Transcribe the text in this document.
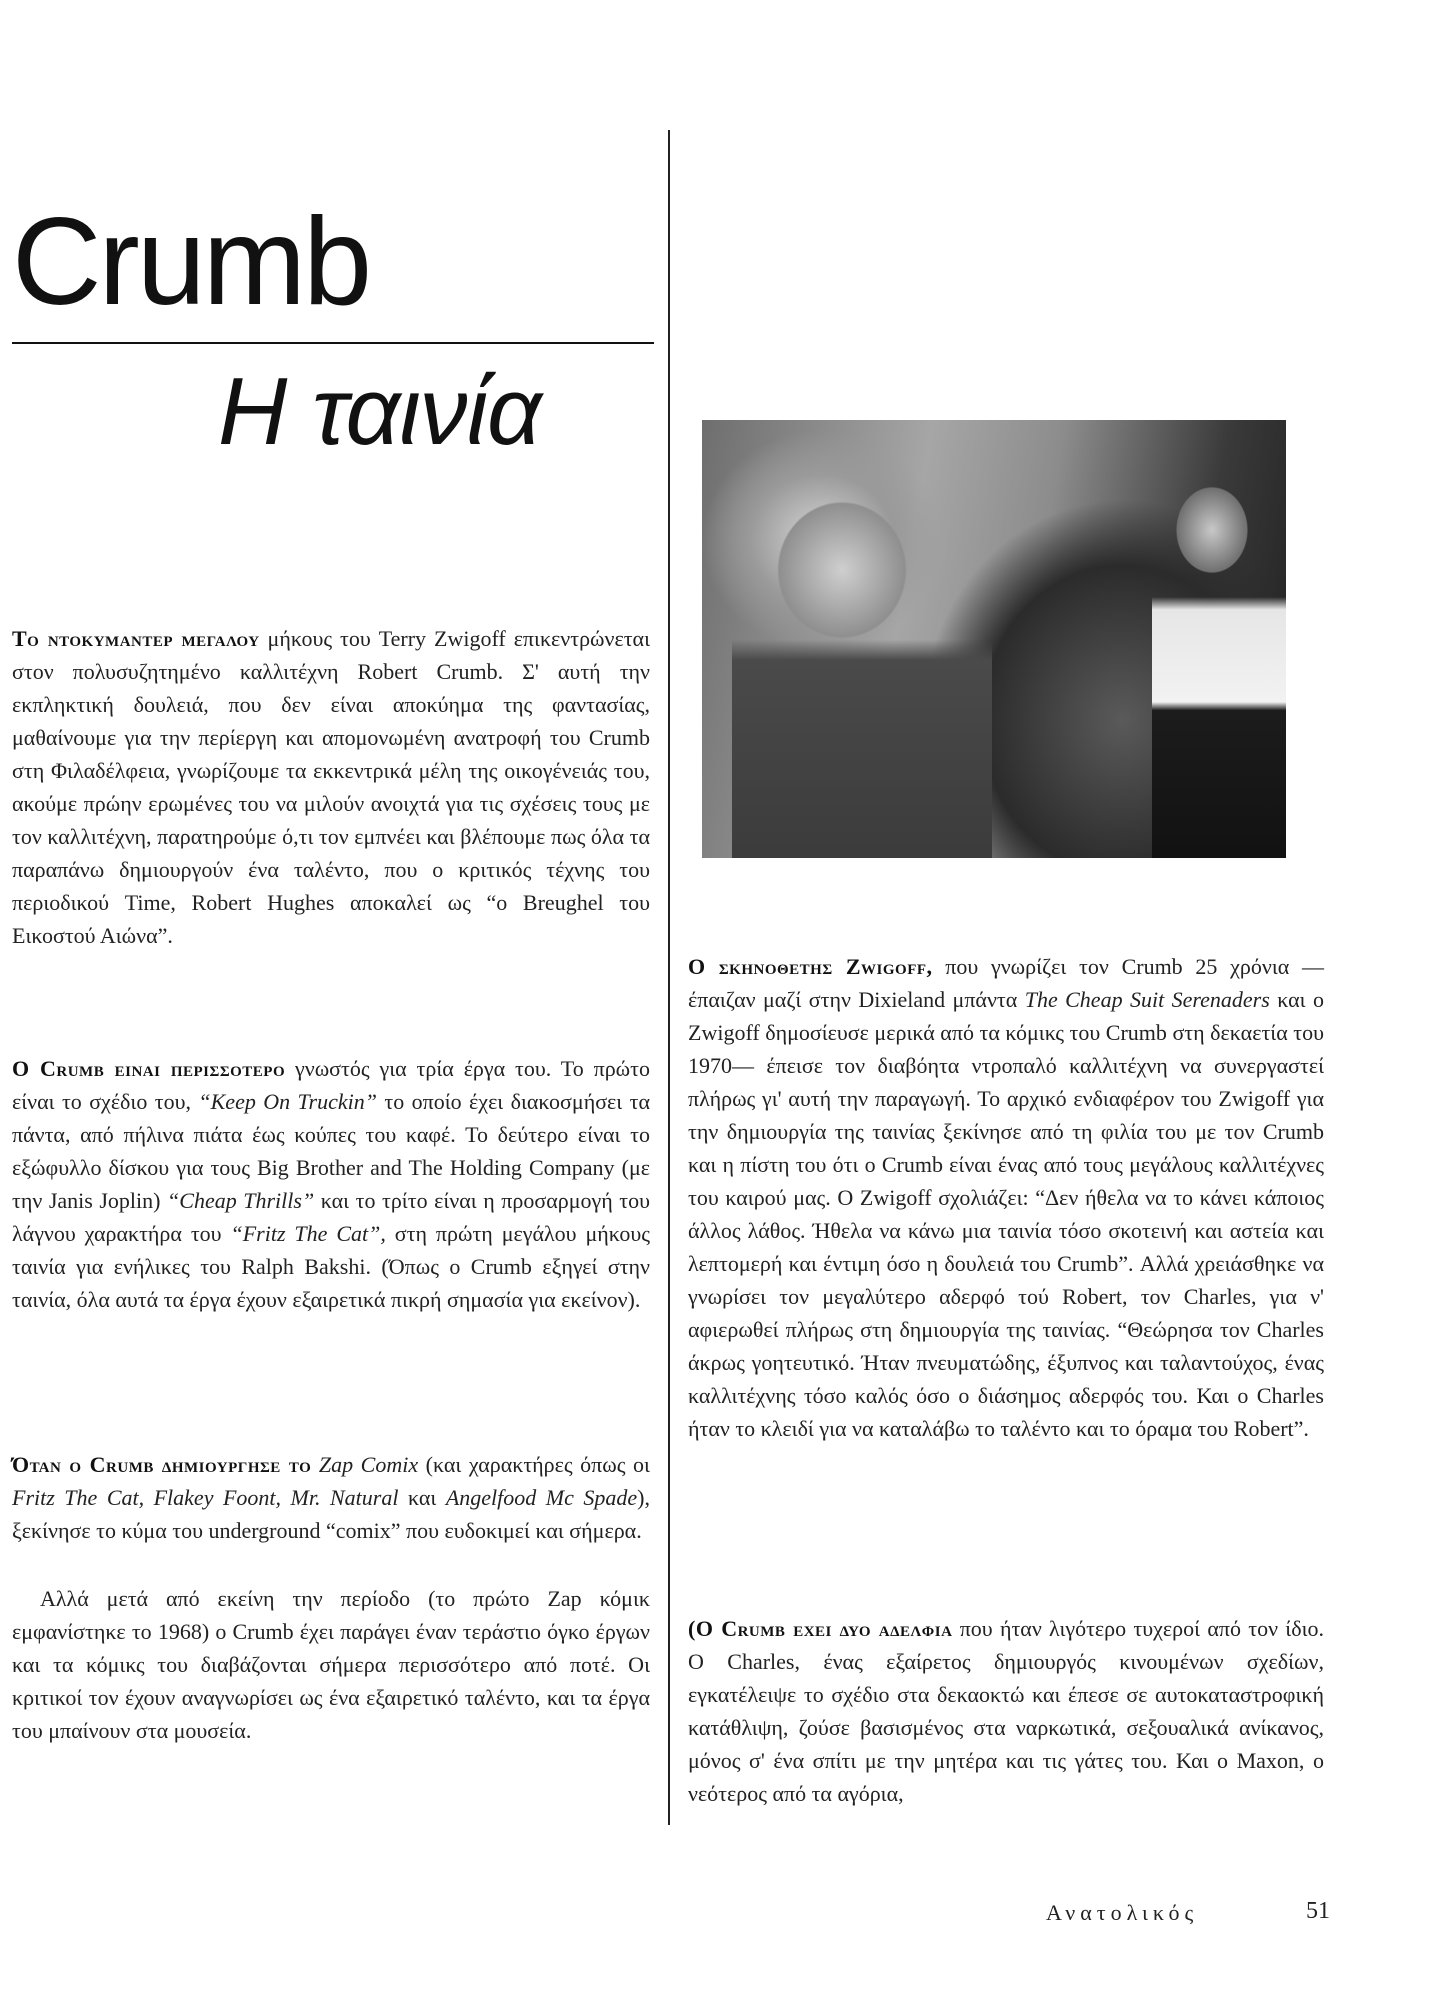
Crumb
Η ταινία

Το ντοκυμαντερ μεγαλου μήκους του Terry Zwigoff επικεντρώνεται στον πολυσυζητημένο καλλιτέχνη Robert Crumb. Σ' αυτή την εκπληκτική δουλειά, που δεν είναι αποκύημα της φαντασίας, μαθαίνουμε για την περίεργη και απομονωμένη ανατροφή του Crumb στη Φιλαδέλφεια, γνωρίζουμε τα εκκεντρικά μέλη της οικογένειάς του, ακούμε πρώην ερωμένες του να μιλούν ανοιχτά για τις σχέσεις τους με τον καλλιτέχνη, παρατηρούμε ό,τι τον εμπνέει και βλέπουμε πως όλα τα παραπάνω δημιουργούν ένα ταλέντο, που ο κριτικός τέχνης του περιοδικού Time, Robert Hughes αποκαλεί ως “ο Breughel του Εικοστού Αιώνα”.

Ο Crumb ειναι περισσοτερο γνωστός για τρία έργα του. Το πρώτο είναι το σχέδιο του, “Keep On Truckin” το οποίο έχει διακοσμήσει τα πάντα, από πήλινα πιάτα έως κούπες του καφέ. Το δεύτερο είναι το εξώφυλλο δίσκου για τους Big Brother and The Holding Company (με την Janis Joplin) “Cheap Thrills” και το τρίτο είναι η προσαρμογή του λάγνου χαρακτήρα του “Fritz The Cat”, στη πρώτη μεγάλου μήκους ταινία για ενήλικες του Ralph Bakshi. (Όπως ο Crumb εξηγεί στην ταινία, όλα αυτά τα έργα έχουν εξαιρετικά πικρή σημασία για εκείνον).

Όταν ο Crumb δημιουργησε το Zap Comix (και χαρακτήρες όπως οι Fritz The Cat, Flakey Foont, Mr. Natural και Angelfood Mc Spade), ξεκίνησε το κύμα του underground “comix” που ευδοκιμεί και σήμερα.

Αλλά μετά από εκείνη την περίοδο (το πρώτο Zap κόμικ εμφανίστηκε το 1968) ο Crumb έχει παράγει έναν τεράστιο όγκο έργων και τα κόμικς του διαβάζονται σήμερα περισσότερο από ποτέ. Οι κριτικοί τον έχουν αναγνωρίσει ως ένα εξαιρετικό ταλέντο, και τα έργα του μπαίνουν στα μουσεία.

Ο σκηνοθετης Zwigoff, που γνωρίζει τον Crumb 25 χρόνια — έπαιζαν μαζί στην Dixieland μπάντα The Cheap Suit Serenaders και ο Zwigoff δημοσίευσε μερικά από τα κόμικς του Crumb στη δεκαετία του 1970— έπεισε τον διαβόητα ντροπαλό καλλιτέχνη να συνεργαστεί πλήρως γι' αυτή την παραγωγή. Το αρχικό ενδιαφέρον του Zwigoff για την δημιουργία της ταινίας ξεκίνησε από τη φιλία του με τον Crumb και η πίστη του ότι ο Crumb είναι ένας από τους μεγάλους καλλιτέχνες του καιρού μας. Ο Zwigoff σχολιάζει: “Δεν ήθελα να το κάνει κάποιος άλλος λάθος. Ήθελα να κάνω μια ταινία τόσο σκοτεινή και αστεία και λεπτομερή και έντιμη όσο η δουλειά του Crumb”. Αλλά χρειάσθηκε να γνωρίσει τον μεγαλύτερο αδερφό τού Robert, τον Charles, για ν' αφιερωθεί πλήρως στη δημιουργία της ταινίας. “Θεώρησα τον Charles άκρως γοητευτικό. Ήταν πνευματώδης, έξυπνος και ταλαντούχος, ένας καλλιτέχνης τόσο καλός όσο ο διάσημος αδερφός του. Και ο Charles ήταν το κλειδί για να καταλάβω το ταλέντο και το όραμα του Robert”.

(Ο Crumb εχει δυο αδελφια που ήταν λιγότερο τυχεροί από τον ίδιο. Ο Charles, ένας εξαίρετος δημιουργός κινουμένων σχεδίων, εγκατέλειψε το σχέδιο στα δεκαοκτώ και έπεσε σε αυτοκαταστροφική κατάθλιψη, ζούσε βασισμένος στα ναρκωτικά, σεξουαλικά ανίκανος, μόνος σ' ένα σπίτι με την μητέρα και τις γάτες του. Και ο Maxon, ο νεότερος από τα αγόρια,

Ανατολικός	51
